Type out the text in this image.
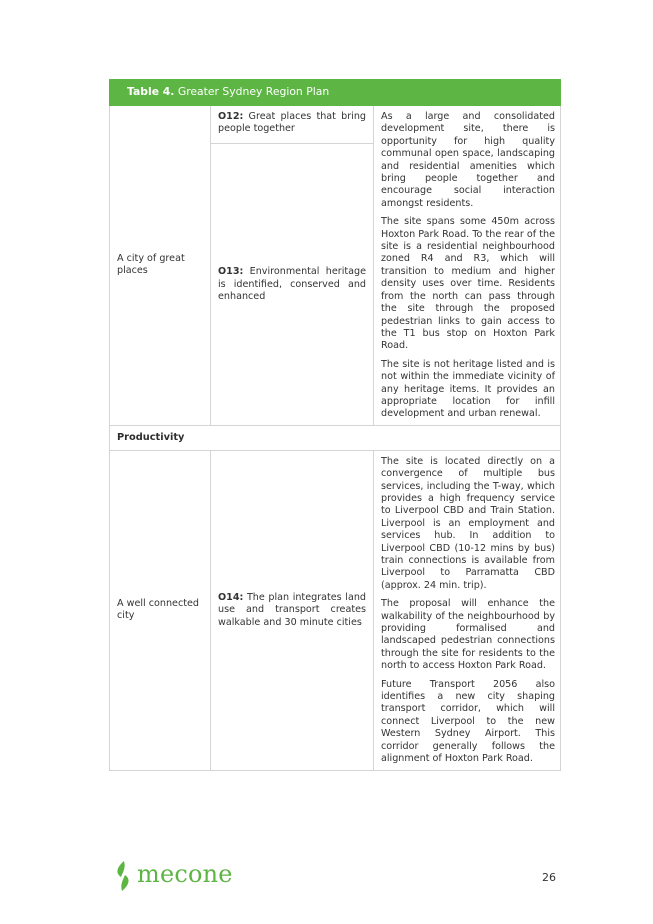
Table 4. Greater Sydney Region Plan		
A city of great places	O12: Great places that bring people together	As a large and consolidated development site, there is opportunity for high quality communal open space, landscaping and residential amenities which bring people together and encourage social interaction amongst residents.

The site spans some 450m across Hoxton Park Road. To the rear of the site is a residential neighbourhood zoned R4 and R3, which will transition to medium and higher density uses over time. Residents from the north can pass through the site through the proposed pedestrian links to gain access to the T1 bus stop on Hoxton Park Road.

The site is not heritage listed and is not within the immediate vicinity of any heritage items. It provides an appropriate location for infill development and urban renewal.

	O13: Environmental heritage is identified, conserved and enhanced	
Productivity		
A well connected city	O14: The plan integrates land use and transport creates walkable and 30 minute cities	The site is located directly on a convergence of multiple bus services, including the T-way, which provides a high frequency service to Liverpool CBD and Train Station. Liverpool is an employment and services hub. In addition to Liverpool CBD (10-12 mins by bus) train connections is available from Liverpool to Parramatta CBD (approx. 24 min. trip).

The proposal will enhance the walkability of the neighbourhood by providing formalised and landscaped pedestrian connections through the site for residents to the north to access Hoxton Park Road.

Future Transport 2056 also identifies a new city shaping transport corridor, which will connect Liverpool to the new Western Sydney Airport. This corridor generally follows the alignment of Hoxton Park Road.

mecone	26
